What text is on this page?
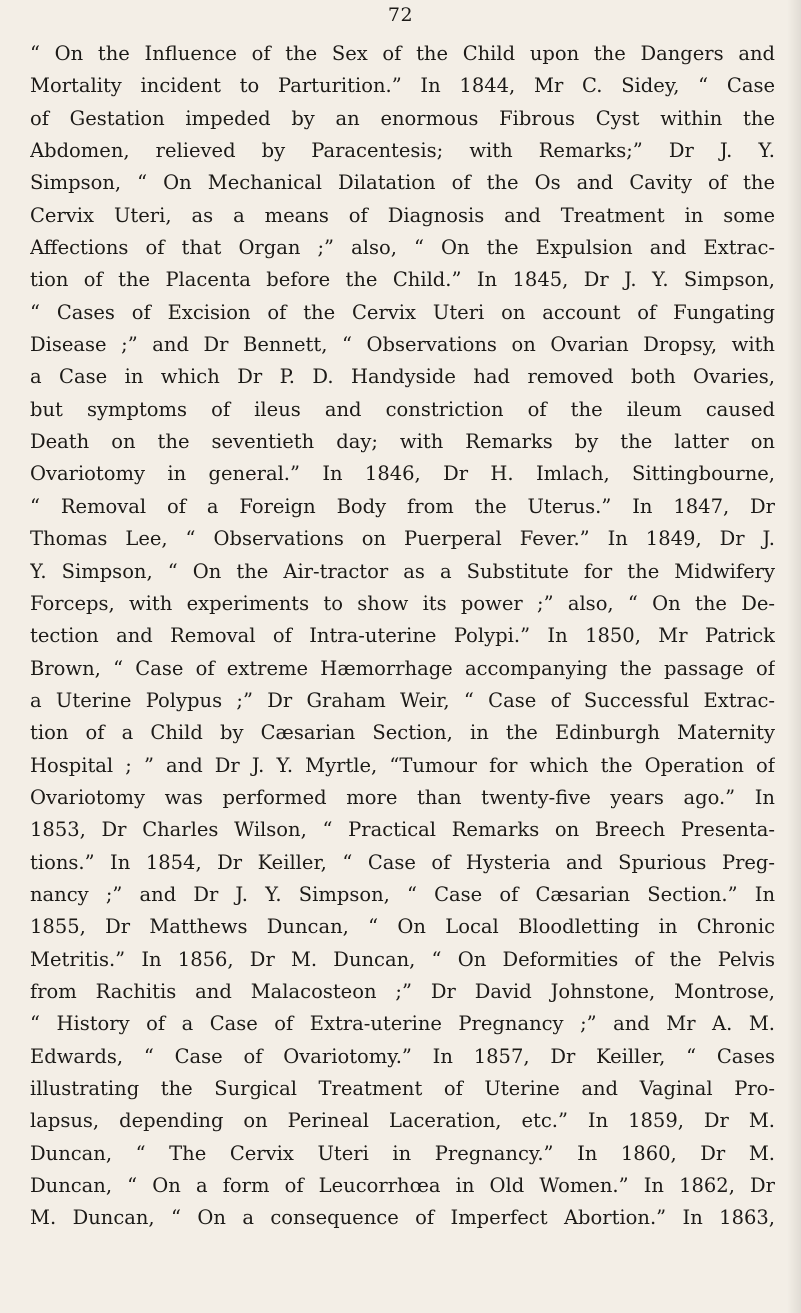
72
“ On the Influence of the Sex of the Child upon the Dangers and
Mortality incident to Parturition.” In 1844, Mr C. Sidey, “ Case
of Gestation impeded by an enormous Fibrous Cyst within the
Abdomen, relieved by Paracentesis; with Remarks;” Dr J. Y.
Simpson, “ On Mechanical Dilatation of the Os and Cavity of the
Cervix Uteri, as a means of Diagnosis and Treatment in some
Affections of that Organ ;” also, “ On the Expulsion and Extrac-
tion of the Placenta before the Child.” In 1845, Dr J. Y. Simpson,
“ Cases of Excision of the Cervix Uteri on account of Fungating
Disease ;” and Dr Bennett, “ Observations on Ovarian Dropsy, with
a Case in which Dr P. D. Handyside had removed both Ovaries,
but symptoms of ileus and constriction of the ileum caused
Death on the seventieth day; with Remarks by the latter on
Ovariotomy in general.” In 1846, Dr H. Imlach, Sittingbourne,
“ Removal of a Foreign Body from the Uterus.” In 1847, Dr
Thomas Lee, “ Observations on Puerperal Fever.” In 1849, Dr J.
Y. Simpson, “ On the Air-tractor as a Substitute for the Midwifery
Forceps, with experiments to show its power ;” also, “ On the De-
tection and Removal of Intra-uterine Polypi.” In 1850, Mr Patrick
Brown, “ Case of extreme Hæmorrhage accompanying the passage of
a Uterine Polypus ;” Dr Graham Weir, “ Case of Successful Extrac-
tion of a Child by Cæsarian Section, in the Edinburgh Maternity
Hospital ; ” and Dr J. Y. Myrtle, “Tumour for which the Operation of
Ovariotomy was performed more than twenty-five years ago.” In
1853, Dr Charles Wilson, “ Practical Remarks on Breech Presenta-
tions.” In 1854, Dr Keiller, “ Case of Hysteria and Spurious Preg-
nancy ;” and Dr J. Y. Simpson, “ Case of Cæsarian Section.” In
1855, Dr Matthews Duncan, “ On Local Bloodletting in Chronic
Metritis.” In 1856, Dr M. Duncan, “ On Deformities of the Pelvis
from Rachitis and Malacosteon ;” Dr David Johnstone, Montrose,
“ History of a Case of Extra-uterine Pregnancy ;” and Mr A. M.
Edwards, “ Case of Ovariotomy.” In 1857, Dr Keiller, “ Cases
illustrating the Surgical Treatment of Uterine and Vaginal Pro-
lapsus, depending on Perineal Laceration, etc.” In 1859, Dr M.
Duncan, “ The Cervix Uteri in Pregnancy.” In 1860, Dr M.
Duncan, “ On a form of Leucorrhœa in Old Women.” In 1862, Dr
M. Duncan, “ On a consequence of Imperfect Abortion.” In 1863,
